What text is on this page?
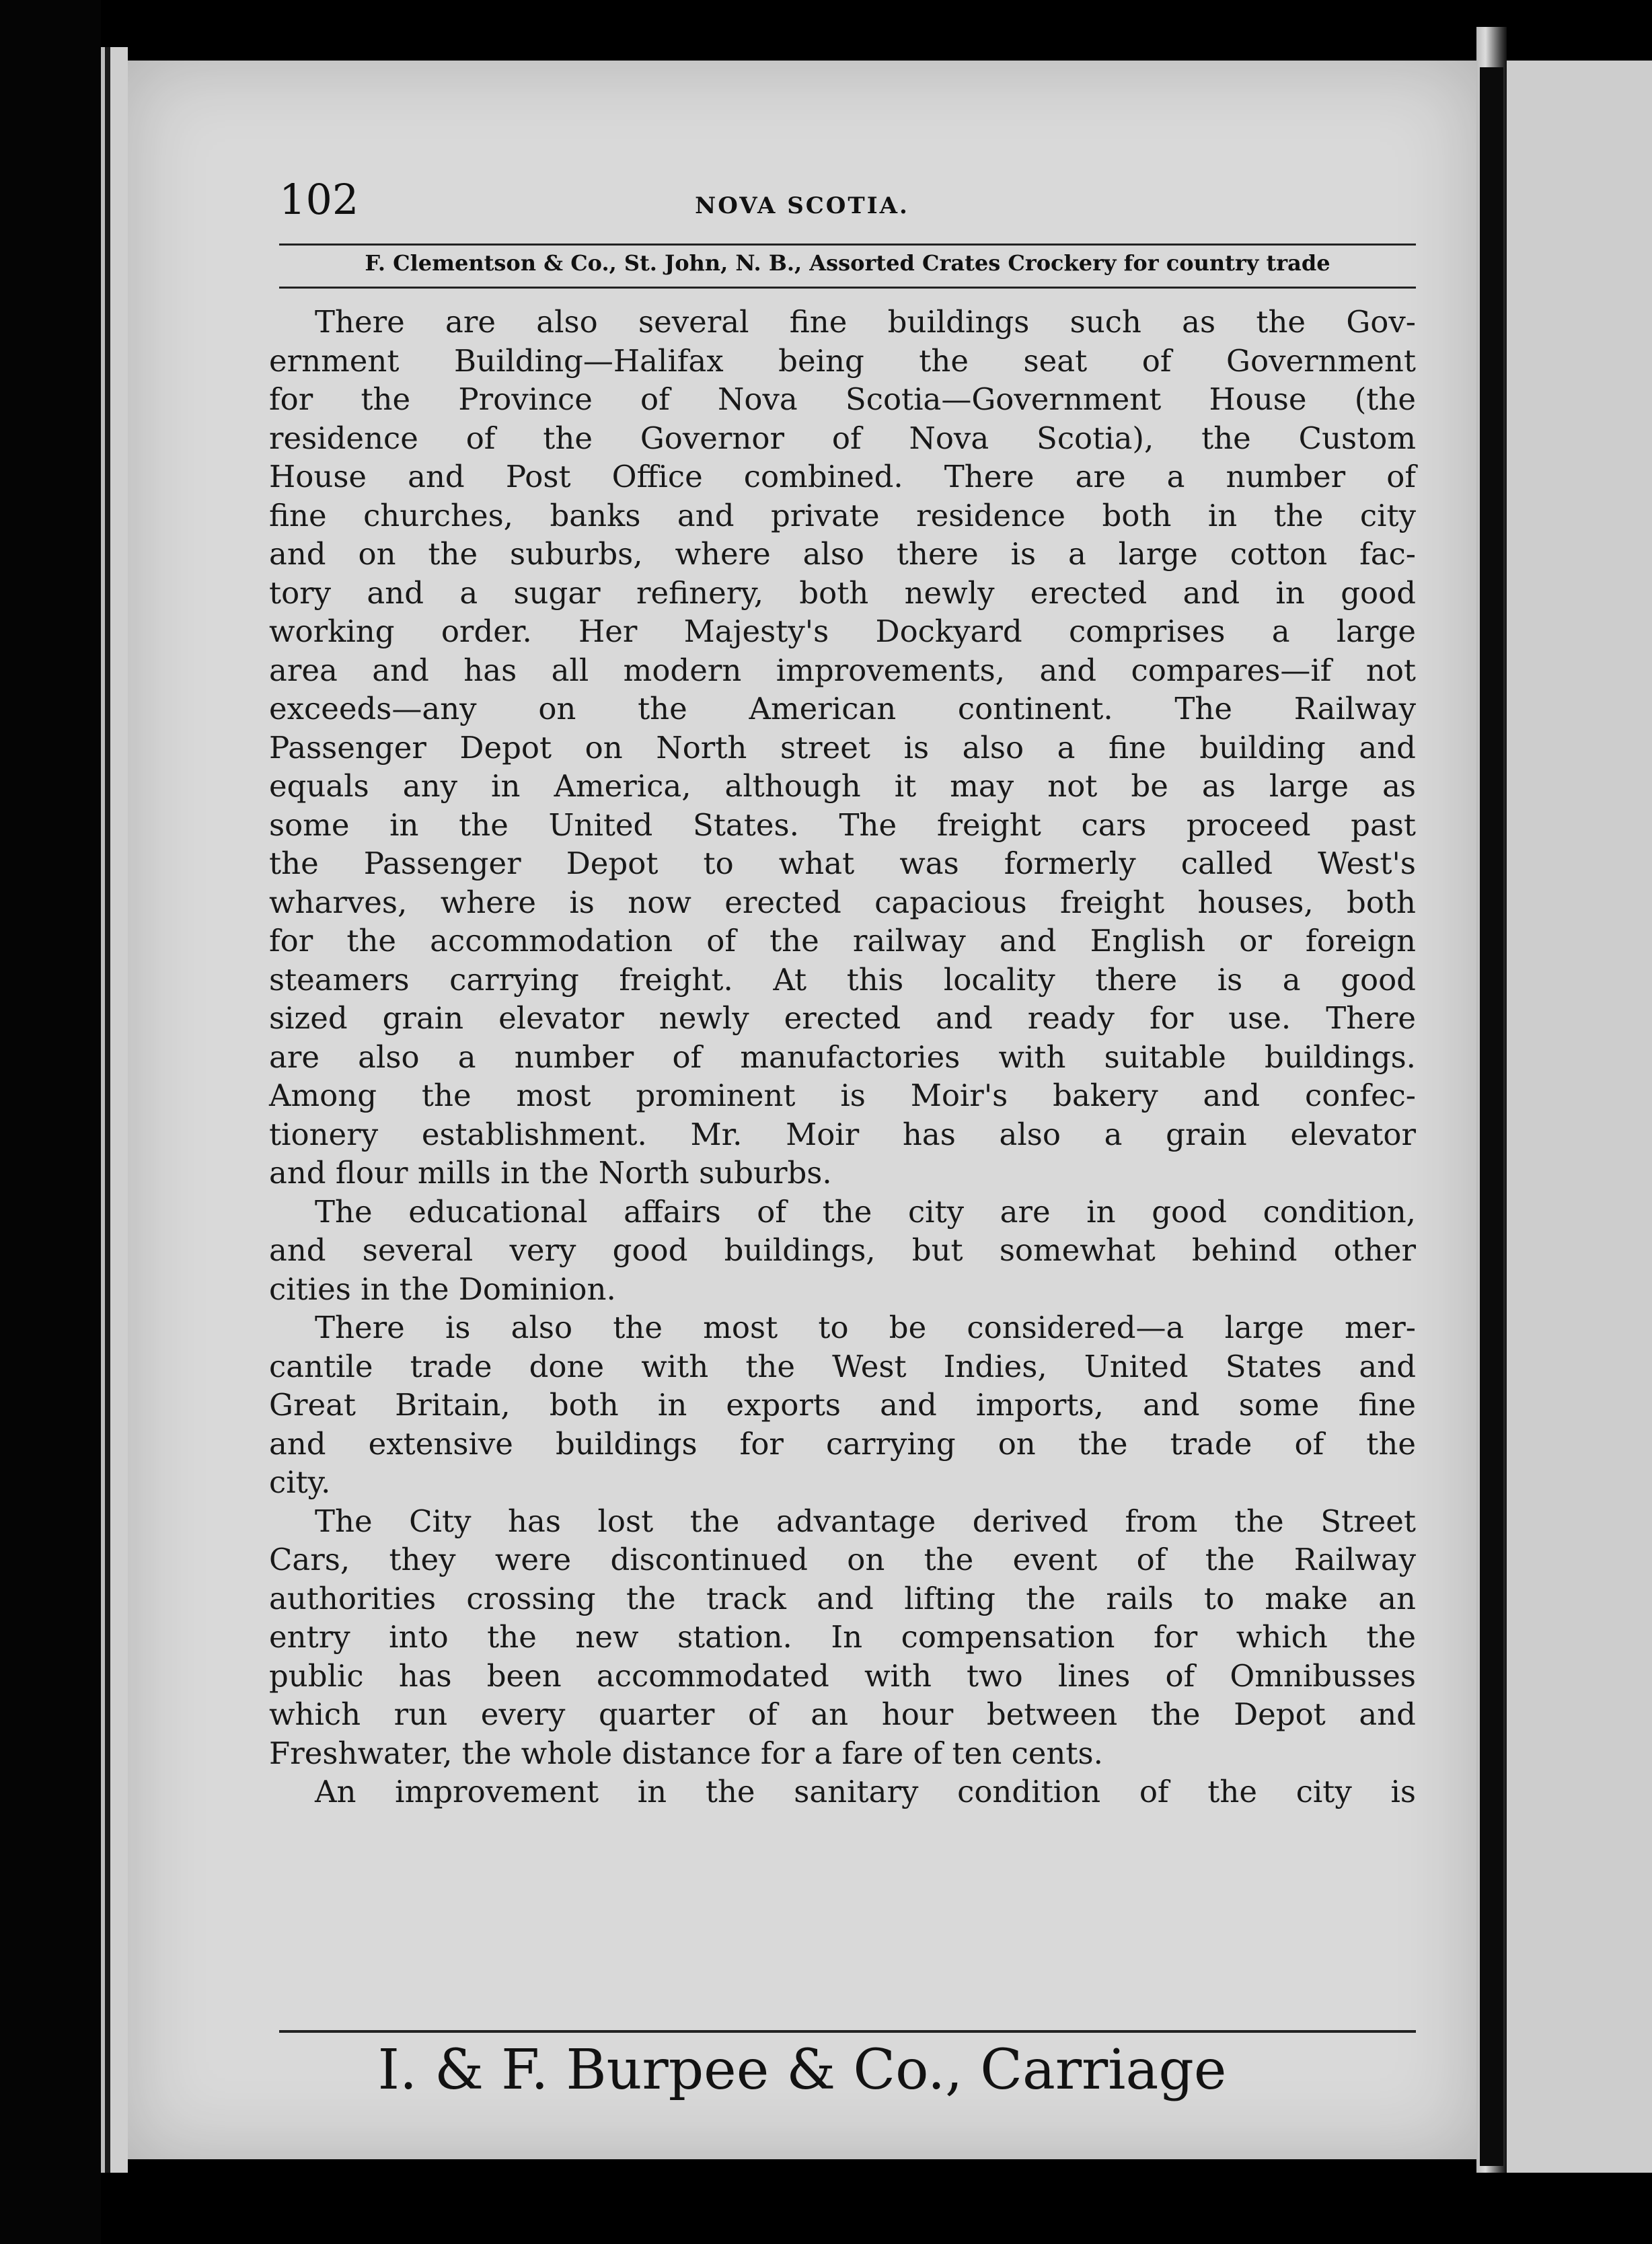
102	NOVA SCOTIA.
F. Clementson & Co., St. John, N. B., Assorted Crates Crockery for country trade
There are also several fine buildings such as the Gov-
ernment Building—Halifax being the seat of Government
for the Province of Nova Scotia—Government House (the
residence of the Governor of Nova Scotia), the Custom
House and Post Office combined. There are a number of
fine churches, banks and private residence both in the city
and on the suburbs, where also there is a large cotton fac-
tory and a sugar refinery, both newly erected and in good
working order. Her Majesty's Dockyard comprises a large
area and has all modern improvements, and compares—if not
exceeds—any on the American continent. The Railway
Passenger Depot on North street is also a fine building and
equals any in America, although it may not be as large as
some in the United States. The freight cars proceed past
the Passenger Depot to what was formerly called West's
wharves, where is now erected capacious freight houses, both
for the accommodation of the railway and English or foreign
steamers carrying freight. At this locality there is a good
sized grain elevator newly erected and ready for use. There
are also a number of manufactories with suitable buildings.
Among the most prominent is Moir's bakery and confec-
tionery establishment. Mr. Moir has also a grain elevator
and flour mills in the North suburbs.
The educational affairs of the city are in good condition,
and several very good buildings, but somewhat behind other
cities in the Dominion.
There is also the most to be considered—a large mer-
cantile trade done with the West Indies, United States and
Great Britain, both in exports and imports, and some fine
and extensive buildings for carrying on the trade of the
city.
The City has lost the advantage derived from the Street
Cars, they were discontinued on the event of the Railway
authorities crossing the track and lifting the rails to make an
entry into the new station. In compensation for which the
public has been accommodated with two lines of Omnibusses
which run every quarter of an hour between the Depot and
Freshwater, the whole distance for a fare of ten cents.
An improvement in the sanitary condition of the city is
I. & F. Burpee & Co., Carriage
